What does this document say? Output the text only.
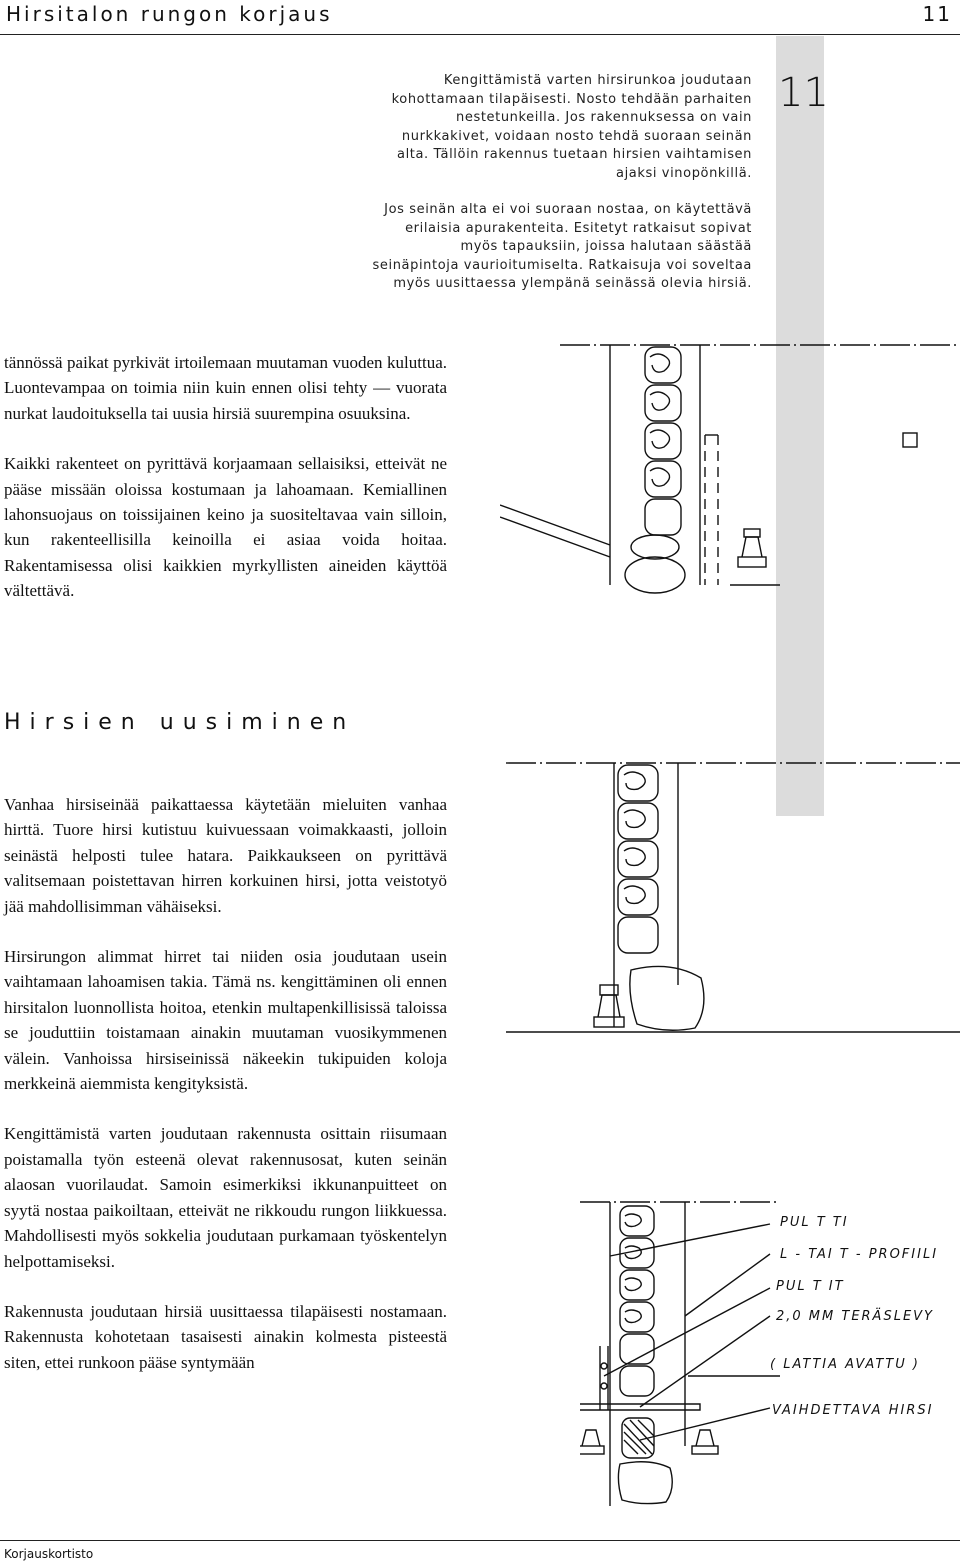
Hirsitalon rungon korjaus	11
11

Kengittämistä varten hirsirunkoa joudutaan

kohottamaan tilapäisesti. Nosto tehdään parhaiten

nestetunkeilla. Jos rakennuksessa on vain

nurkkakivet, voidaan nosto tehdä suoraan seinän

alta. Tällöin rakennus tuetaan hirsien vaihtamisen

ajaksi vinopönkillä.

Jos seinän alta ei voi suoraan nostaa, on käytettävä

erilaisia apurakenteita. Esitetyt ratkaisut sopivat

myös tapauksiin, joissa halutaan säästää

seinäpintoja vaurioitumiselta. Ratkaisuja voi soveltaa

myös uusittaessa ylempänä seinässä olevia hirsiä.

tännössä paikat pyrkivät irtoilemaan muutaman vuoden kuluttua. Luontevampaa on toimia niin kuin ennen olisi tehty — vuorata nurkat laudoituksella tai uusia hirsiä suurempina osuuksina.

Kaikki rakenteet on pyrittävä korjaamaan sellaisiksi, etteivät ne pääse missään oloissa kostumaan ja lahoamaan. Kemiallinen lahonsuojaus on toissijainen keino ja suositeltavaa vain silloin, kun rakenteellisilla keinoilla ei asiaa voida hoitaa. Rakentamisessa olisi kaikkien myrkyllisten aineiden käyttöä vältettävä.

Hirsien uusiminen

Vanhaa hirsiseinää paikattaessa käytetään mieluiten vanhaa hirttä. Tuore hirsi kutistuu kuivuessaan voimakkaasti, jolloin seinästä helposti tulee hatara. Paikkaukseen on pyrittävä valitsemaan poistettavan hirren korkuinen hirsi, jotta veistotyö jää mahdollisimman vähäiseksi.

Hirsirungon alimmat hirret tai niiden osia joudutaan usein vaihtamaan lahoamisen takia. Tämä ns. kengittäminen oli ennen hirsitalon luonnollista hoitoa, etenkin multapenkillisissä taloissa se jouduttiin toistamaan ainakin muutaman vuosikymmenen välein. Vanhoissa hirsiseinissä näkeekin tukipuiden koloja merkkeinä aiemmista kengityksistä.

Kengittämistä varten joudutaan rakennusta osittain riisumaan poistamalla työn esteenä olevat rakennusosat, kuten seinän alaosan vuorilaudat. Samoin esimerkiksi ikkunanpuitteet on syytä nostaa paikoiltaan, etteivät ne rikkoudu rungon liikkuessa. Mahdollisesti myös sokkelia joudutaan purkamaan työskentelyn helpottamiseksi.

Rakennusta joudutaan hirsiä uusittaessa tilapäisesti nostamaan. Rakennusta kohotetaan tasaisesti ainakin kolmesta pisteestä siten, ettei runkoon pääse syntymään

PUL T TI
L - TAI T - PROFIILI
PUL T IT
2,0 MM TERÄSLEVY
( LATTIA AVATTU )
VAIHDETTAVA HIRSI
Korjauskortisto
